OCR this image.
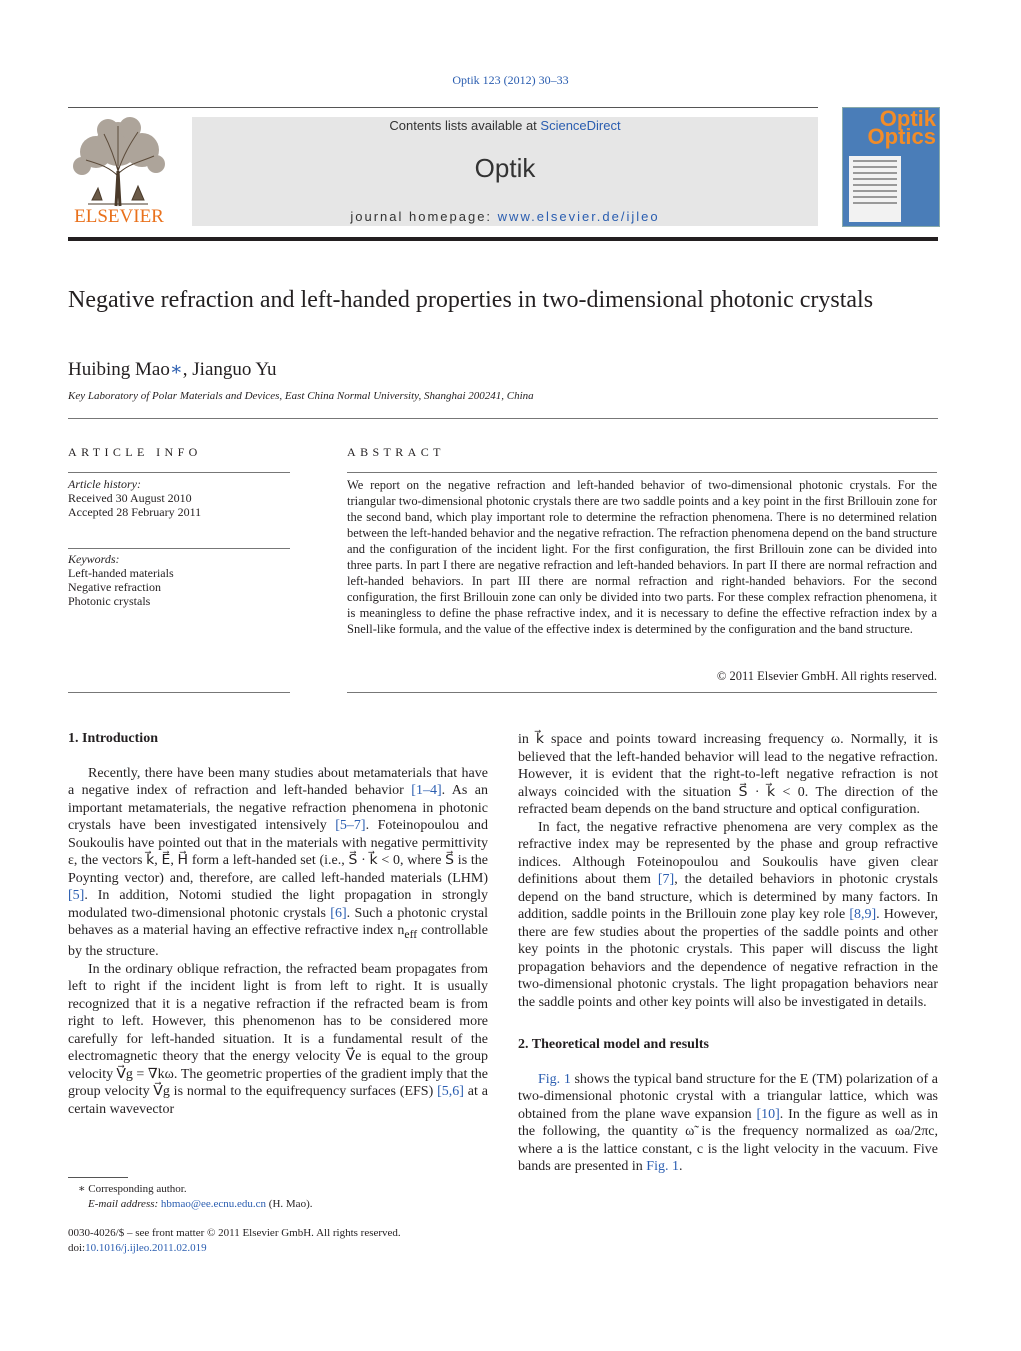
Optik 123 (2012) 30–33
ELSEVIER
Contents lists available at ScienceDirect
Optik
journal homepage: www.elsevier.de/ijleo
Optik
Optics
Negative refraction and left-handed properties in two-dimensional photonic crystals
Huibing Mao∗, Jianguo Yu
Key Laboratory of Polar Materials and Devices, East China Normal University, Shanghai 200241, China
ARTICLE INFO	ABSTRACT
Article history:
Received 30 August 2010
Accepted 28 February 2011
Keywords:
Left-handed materials
Negative refraction
Photonic crystals
We report on the negative refraction and left-handed behavior of two-dimensional photonic crystals. For the triangular two-dimensional photonic crystals there are two saddle points and a key point in the first Brillouin zone for the second band, which play important role to determine the refraction phenomena. There is no determined relation between the left-handed behavior and the negative refraction. The refraction phenomena depend on the band structure and the configuration of the incident light. For the first configuration, the first Brillouin zone can be divided into three parts. In part I there are negative refraction and left-handed behaviors. In part II there are normal refraction and left-handed behaviors. In part III there are normal refraction and right-handed behaviors. For the second configuration, the first Brillouin zone can only be divided into two parts. For these complex refraction phenomena, it is meaningless to define the phase refractive index, and it is necessary to define the effective refraction index by a Snell-like formula, and the value of the effective index is determined by the configuration and the band structure.
© 2011 Elsevier GmbH. All rights reserved.
1. Introduction

Recently, there have been many studies about metamaterials that have a negative index of refraction and left-handed behavior [1–4]. As an important metamaterials, the negative refraction phenomena in photonic crystals have been investigated intensively [5–7]. Foteinopoulou and Soukoulis have pointed out that in the materials with negative permittivity ε, the vectors k⃗, E⃗, H⃗ form a left-handed set (i.e., S⃗ · k⃗ < 0, where S⃗ is the Poynting vector) and, therefore, are called left-handed materials (LHM) [5]. In addition, Notomi studied the light propagation in strongly modulated two-dimensional photonic crystals [6]. Such a photonic crystal behaves as a material having an effective refractive index $n_{eff}$ controllable by the structure.

In the ordinary oblique refraction, the refracted beam propagates from left to right if the incident light is from left to right. It is usually recognized that it is a negative refraction if the refracted beam is from right to left. However, this phenomenon has to be considered more carefully for left-handed situation. It is a fundamental result of the electromagnetic theory that the energy velocity V⃗e is equal to the group velocity V⃗g = ∇kω. The geometric properties of the gradient imply that the group velocity V⃗g is normal to the equifrequency surfaces (EFS) [5,6] at a certain wavevector

in k⃗ space and points toward increasing frequency ω. Normally, it is believed that the left-handed behavior will lead to the negative refraction. However, it is evident that the right-to-left negative refraction is not always coincided with the situation S⃗ · k⃗ < 0. The direction of the refracted beam depends on the band structure and optical configuration.

In fact, the negative refractive phenomena are very complex as the refractive index may be represented by the phase and group refractive indices. Although Foteinopoulou and Soukoulis have given clear definitions about them [7], the detailed behaviors in photonic crystals depend on the band structure, which is determined by many factors. In addition, saddle points in the Brillouin zone play key role [8,9]. However, there are few studies about the properties of the saddle points and other key points in the photonic crystals. This paper will discuss the light propagation behaviors and the dependence of negative refraction in the two-dimensional photonic crystals. The light propagation behaviors near the saddle points and other key points will also be investigated in details.

2. Theoretical model and results

Fig. 1 shows the typical band structure for the E (TM) polarization of a two-dimensional photonic crystal with a triangular lattice, which was obtained from the plane wave expansion [10]. In the figure as well as in the following, the quantity ω̃ is the frequency normalized as ωa/2πc, where a is the lattice constant, c is the light velocity in the vacuum. Five bands are presented in Fig. 1.

∗ Corresponding author.
E-mail address: hbmao@ee.ecnu.edu.cn (H. Mao).
0030-4026/$ – see front matter © 2011 Elsevier GmbH. All rights reserved.
doi:10.1016/j.ijleo.2011.02.019
